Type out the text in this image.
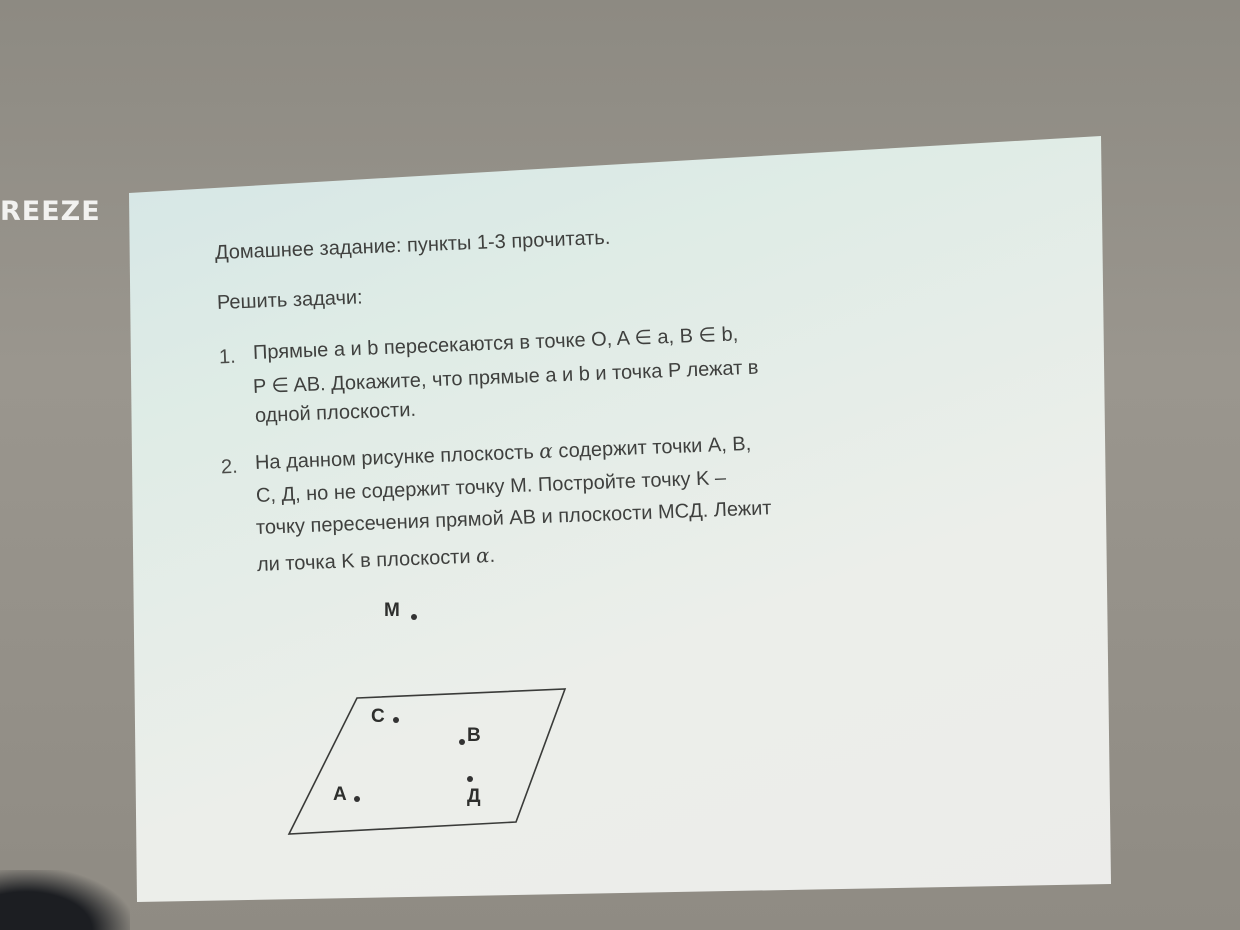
REEZE
Домашнее задание: пункты 1-3 прочитать.
Решить задачи:
1. Прямые a и b пересекаются в точке O, A ∈ a, B ∈ b,
P ∈ AB. Докажите, что прямые a и b и точка P лежат в
одной плоскости.
2. На данном рисунке плоскость α содержит точки A, B,
C, Д, но не содержит точку M. Постройте точку K –
точку пересечения прямой AB и плоскости MCД. Лежит
ли точка K в плоскости α.
M
C
B
A	Д
